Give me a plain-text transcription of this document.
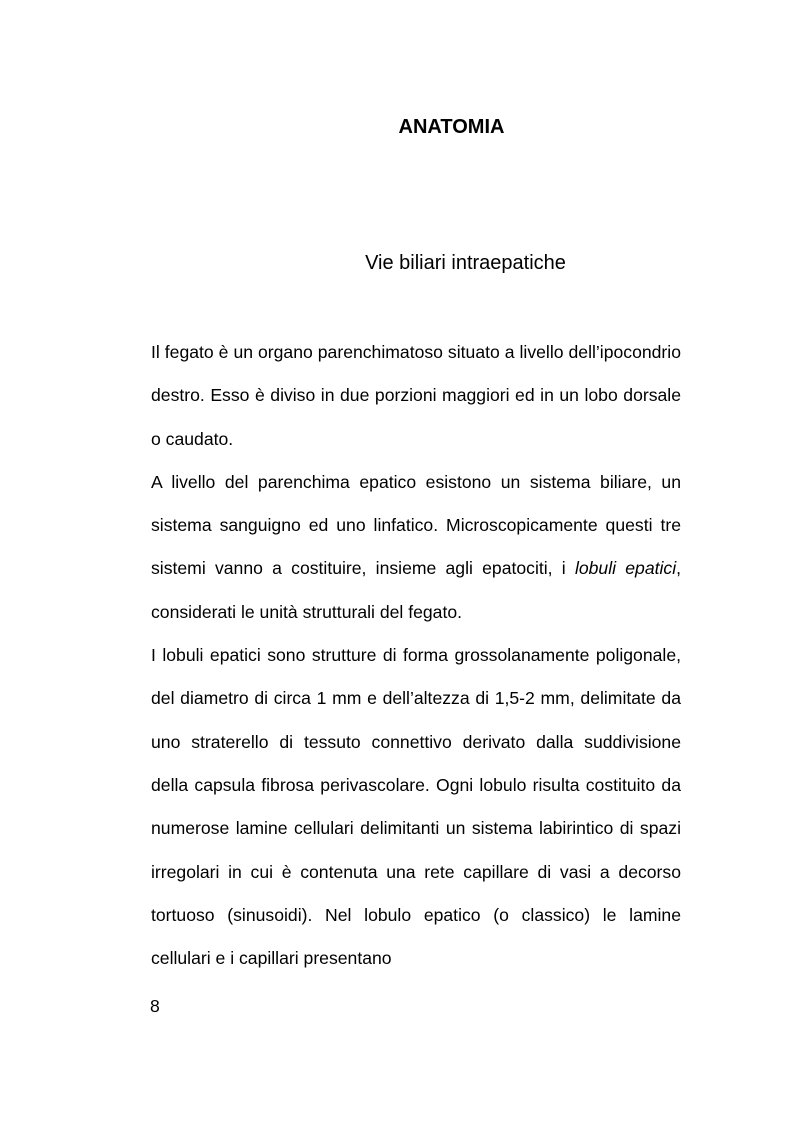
ANATOMIA
Vie biliari intraepatiche

Il fegato è un organo parenchimatoso situato a livello dell’ipocondrio destro. Esso è diviso in due porzioni maggiori ed in un lobo dorsale o caudato.

A livello del parenchima epatico esistono un sistema biliare, un sistema sanguigno ed uno linfatico. Microscopicamente questi tre sistemi vanno a costituire, insieme agli epatociti, i lobuli epatici, considerati le unità strutturali del fegato.

I lobuli epatici sono strutture di forma grossolanamente poligonale, del diametro di circa 1 mm e dell’altezza di 1,5-2 mm, delimitate da uno straterello di tessuto connettivo derivato dalla suddivisione della capsula fibrosa perivascolare. Ogni lobulo risulta costituito da numerose lamine cellulari delimitanti un sistema labirintico di spazi irregolari in cui è contenuta una rete capillare di vasi a decorso tortuoso (sinusoidi). Nel lobulo epatico (o classico) le lamine cellulari e i capillari presentano

8
